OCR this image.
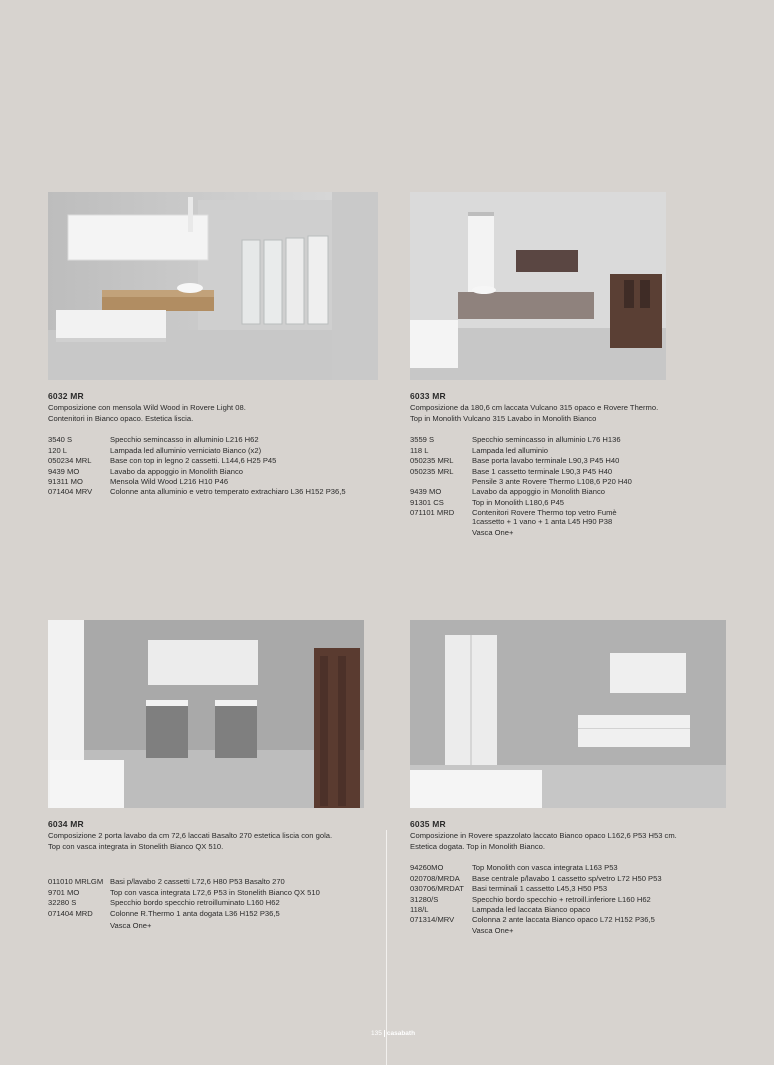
6032 MR
Composizione con mensola Wild Wood in Rovere Light 08.
Contenitori in Bianco opaco. Estetica liscia.
3540 S	Specchio semincasso in alluminio L216 H62
120 L	Lampada led alluminio verniciato Bianco (x2)
050234 MRL	Base con top in legno 2 cassetti. L144,6 H25 P45
9439 MO	Lavabo da appoggio in Monolith Bianco
91311 MO	Mensola Wild Wood L216 H10 P46
071404 MRV	Colonne anta alluminio e vetro temperato extrachiaro L36 H152 P36,5
6033 MR
Composizione da 180,6 cm laccata Vulcano 315 opaco e Rovere Thermo.
Top in Monolith Vulcano 315 Lavabo in Monolith Bianco
3559 S	Specchio semincasso in alluminio L76 H136
118 L	Lampada led alluminio
050235 MRL	Base porta lavabo terminale L90,3 P45 H40
050235 MRL	Base 1 cassetto terminale L90,3 P45 H40
Pensile 3 ante Rovere Thermo L108,6 P20 H40
9439 MO	Lavabo da appoggio in Monolith Bianco
91301 CS	Top in Monolith L180,6 P45
071101 MRD	Contenitori Rovere Thermo top vetro Fumè
1cassetto + 1 vano + 1 anta L45 H90 P38
Vasca One+
6034 MR
Composizione 2 porta lavabo da cm 72,6 laccati Basalto 270 estetica liscia con gola.
Top con vasca integrata in Stonelith Bianco QX 510.
011010 MRLGM Basi p/lavabo 2 cassetti L72,6 H80 P53 Basalto 270
9701 MO	Top con vasca integrata L72,6 P53 in Stonelith Bianco QX 510
32280 S	Specchio bordo specchio retroilluminato L160 H62
071404 MRD	Colonne R.Thermo 1 anta dogata L36 H152 P36,5
Vasca One+
6035 MR
Composizione in Rovere spazzolato laccato Bianco opaco L162,6 P53 H53 cm.
Estetica dogata. Top in Monolith Bianco.
94260MO	Top Monolith con vasca integrata L163 P53
020708/MRDA	Base centrale p/lavabo 1 cassetto sp/vetro L72 H50 P53
030706/MRDAT	Basi terminali 1 cassetto L45,3 H50 P53
31280/S	Specchio bordo specchio + retroill.inferiore L160 H62
118/L	Lampada led laccata Bianco opaco
071314/MRV	Colonna 2 ante laccata Bianco opaco L72 H152 P36,5
Vasca One+
135 casabath
